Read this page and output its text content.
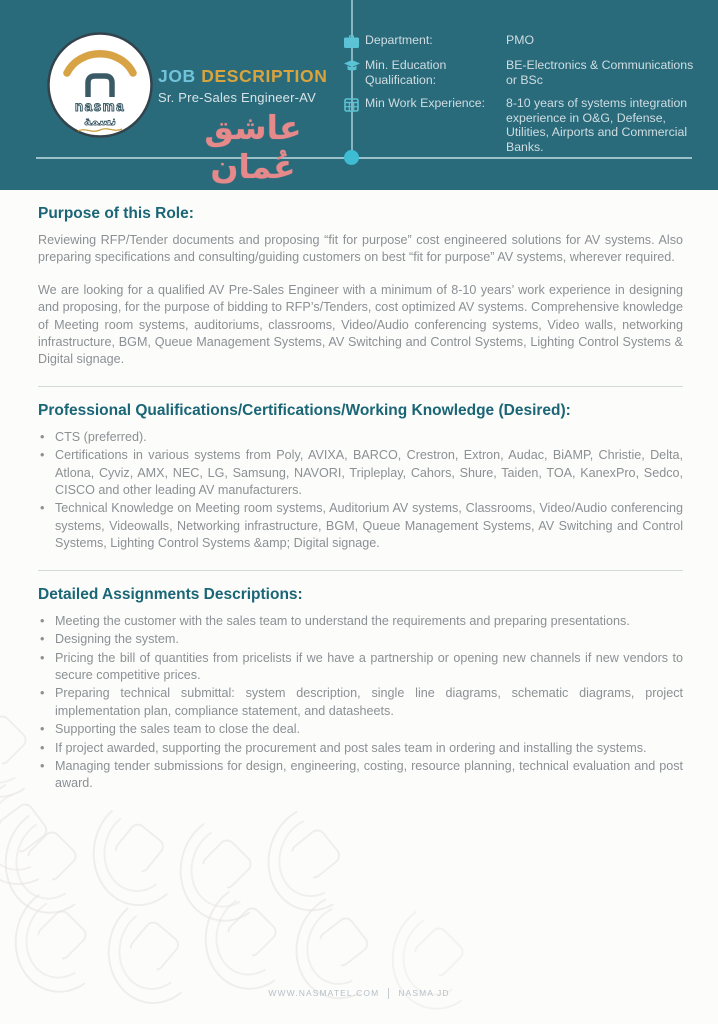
nasma
نسمة
JOB DESCRIPTION
Sr. Pre-Sales Engineer-AV
عاشق عُمان
Department:	PMO
Min. Education Qualification:
BE-Electronics & Communications or BSc
Min Work Experience:	8-10 years of systems integration experience in O&G, Defense, Utilities, Airports and Commercial Banks.
Purpose of this Role:

Reviewing RFP/Tender documents and proposing “fit for purpose” cost engineered solutions for AV systems. Also preparing specifications and consulting/guiding customers on best “fit for purpose” AV systems, wherever required.

We are looking for a qualified AV Pre-Sales Engineer with a minimum of 8-10 years’ work experience in designing and proposing, for the purpose of bidding to RFP’s/Tenders, cost optimized AV systems. Comprehensive knowledge of Meeting room systems, auditoriums, classrooms, Video/Audio conferencing systems, Video walls, networking infrastructure, BGM, Queue Management Systems, AV Switching and Control Systems, Lighting Control Systems & Digital signage.

Professional Qualifications/Certifications/Working Knowledge (Desired):
• CTS (preferred).
• Certifications in various systems from Poly, AVIXA, BARCO, Crestron, Extron, Audac, BiAMP, Christie, Delta, Atlona, Cyviz, AMX, NEC, LG, Samsung, NAVORI, Tripleplay, Cahors, Shure, Taiden, TOA, KanexPro, Sedco, CISCO and other leading AV manufacturers.
• Technical Knowledge on Meeting room systems, Auditorium AV systems, Classrooms, Video/Audio conferencing systems, Videowalls, Networking infrastructure, BGM, Queue Management Systems, AV Switching and Control Systems, Lighting Control Systems &amp; Digital signage.
Detailed Assignments Descriptions:
• Meeting the customer with the sales team to understand the requirements and preparing presentations.
• Designing the system.
• Pricing the bill of quantities from pricelists if we have a partnership or opening new channels if new vendors to secure competitive prices.
• Preparing technical submittal: system description, single line diagrams, schematic diagrams, project implementation plan, compliance statement, and datasheets.
• Supporting the sales team to close the deal.
• If project awarded, supporting the procurement and post sales team in ordering and installing the systems.
• Managing tender submissions for design, engineering, costing, resource planning, technical evaluation and post award.
WWW.NASMATEL.COM NASMA JD
